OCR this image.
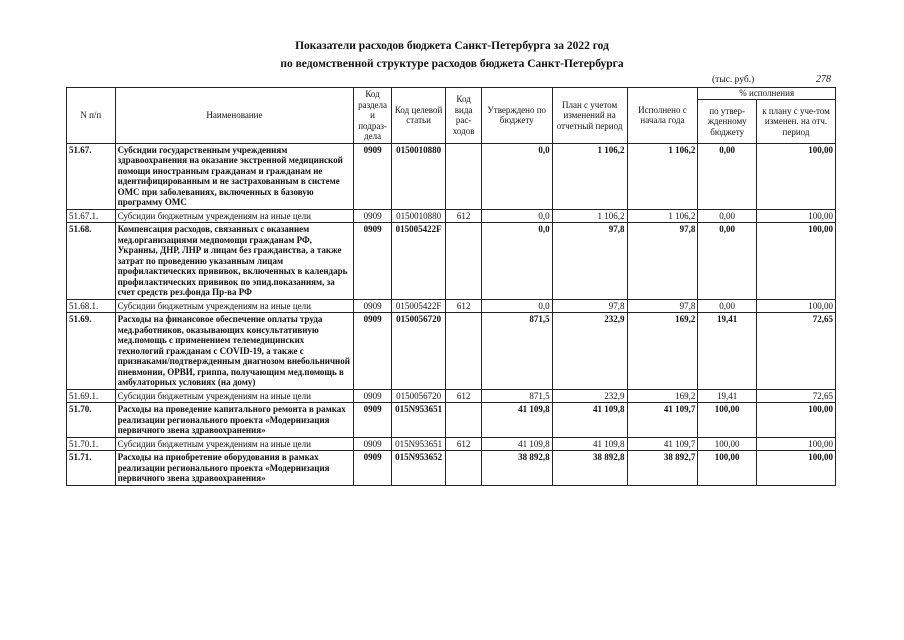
Показатели расходов бюджета Санкт-Петербурга за 2022 год
по ведомственной структуре расходов бюджета Санкт-Петербурга
(тыс. руб.)	278
N п/п	Наименование	Код раздела и подраз-дела	Код целевой статьи	Код вида рас-ходов	Утверждено по бюджету	План с учетом изменений на отчетный период	Исполнено с начала года	% исполнения	
								по утвер-жденному бюджету	к плану с уче-том изменен. на отч. период
51.67.	Субсидии государственным учреждениям здравоохранения на оказание экстренной медицинской помощи иностранным гражданам и гражданам не идентифицированным и не застрахованным в системе ОМС при заболеваниях, включенных в базовую программу ОМС	0909	0150010880		0,0	1 106,2	1 106,2	0,00	100,00
51.67.1.	Субсидии бюджетным учреждениям на иные цели	0909	0150010880	612	0,0	1 106,2	1 106,2	0,00	100,00
51.68.	Компенсация расходов, связанных с оказанием мед.организациями медпомощи гражданам РФ, Украины, ДНР, ЛНР и лицам без гражданства, а также затрат по проведению указанным лицам профилактических прививок, включенных в календарь профилактических прививок по эпид.показаниям, за счет средств рез.фонда Пр-ва РФ	0909	015005422F		0,0	97,8	97,8	0,00	100,00
51.68.1.	Субсидии бюджетным учреждениям на иные цели	0909	015005422F	612	0,0	97,8	97,8	0,00	100,00
51.69.	Расходы на финансовое обеспечение оплаты труда мед.работников, оказывающих консультативную мед.помощь с применением телемедицинских технологий гражданам с COVID-19, а также с признаками/подтвержденным диагнозом внебольничной пневмонии, ОРВИ, гриппа, получающим мед.помощь в амбулаторных условиях (на дому)	0909	0150056720		871,5	232,9	169,2	19,41	72,65
51.69.1.	Субсидии бюджетным учреждениям на иные цели	0909	0150056720	612	871,5	232,9	169,2	19,41	72,65
51.70.	Расходы на проведение капитального ремонта в рамках реализации регионального проекта «Модернизация первичного звена здравоохранения»	0909	015N953651		41 109,8	41 109,8	41 109,7	100,00	100,00
51.70.1.	Субсидии бюджетным учреждениям на иные цели	0909	015N953651	612	41 109,8	41 109,8	41 109,7	100,00	100,00
51.71.	Расходы на приобретение оборудования в рамках реализации регионального проекта «Модернизация первичного звена здравоохранения»	0909	015N953652		38 892,8	38 892,8	38 892,7	100,00	100,00
